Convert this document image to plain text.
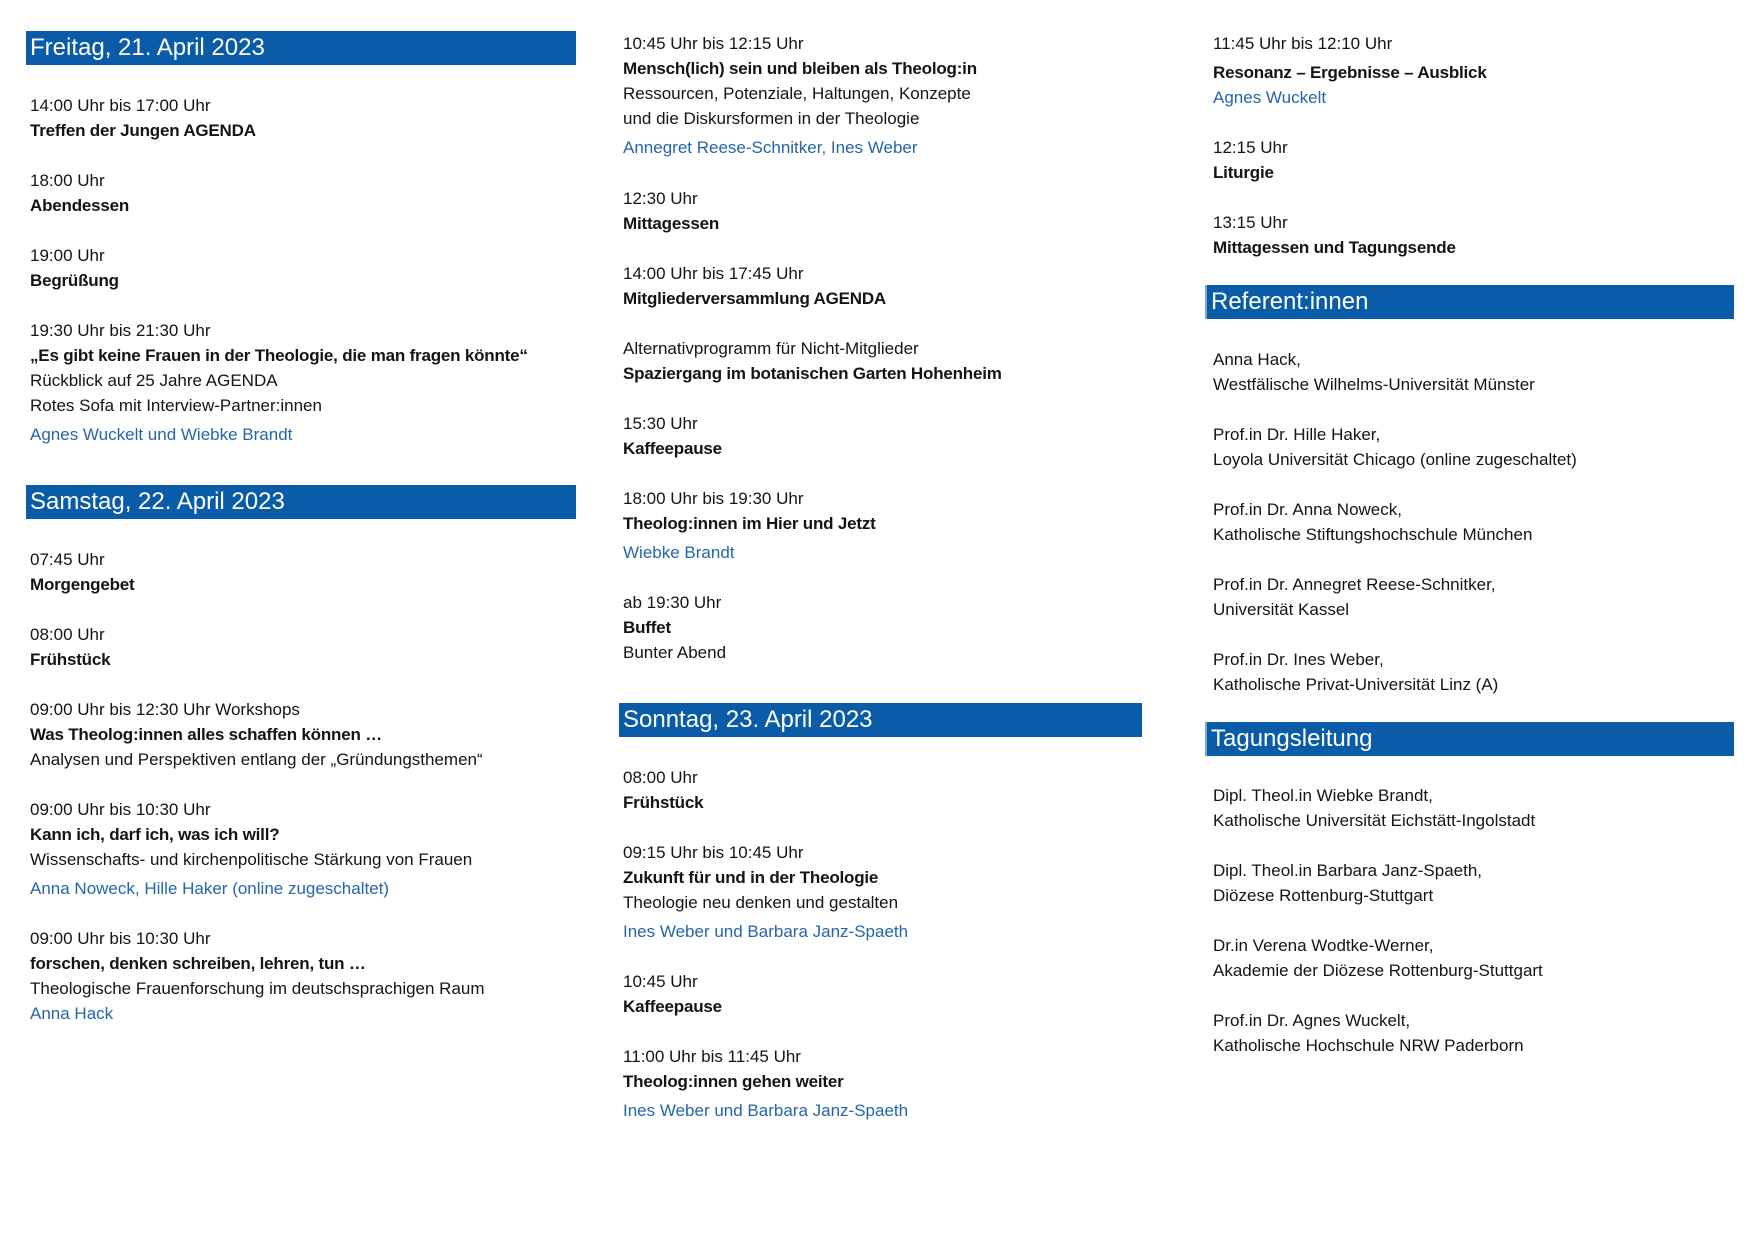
Freitag, 21. April 2023
14:00 Uhr bis 17:00 Uhr
Treffen der Jungen AGENDA
18:00 Uhr
Abendessen
19:00 Uhr
Begrüßung
19:30 Uhr bis 21:30 Uhr
„Es gibt keine Frauen in der Theologie, die man fragen könnte“
Rückblick auf 25 Jahre AGENDA
Rotes Sofa mit Interview-Partner:innen
Agnes Wuckelt und Wiebke Brandt
Samstag, 22. April 2023
07:45 Uhr
Morgengebet
08:00 Uhr
Frühstück
09:00 Uhr bis 12:30 Uhr Workshops
Was Theolog:innen alles schaffen können …
Analysen und Perspektiven entlang der „Gründungsthemen“
09:00 Uhr bis 10:30 Uhr
Kann ich, darf ich, was ich will?
Wissenschafts- und kirchenpolitische Stärkung von Frauen
Anna Noweck, Hille Haker (online zugeschaltet)
09:00 Uhr bis 10:30 Uhr
forschen, denken schreiben, lehren, tun …
Theologische Frauenforschung im deutschsprachigen Raum
Anna Hack
10:45 Uhr bis 12:15 Uhr
Mensch(lich) sein und bleiben als Theolog:in
Ressourcen, Potenziale, Haltungen, Konzepte
und die Diskursformen in der Theologie
Annegret Reese-Schnitker, Ines Weber
12:30 Uhr
Mittagessen
14:00 Uhr bis 17:45 Uhr
Mitgliederversammlung AGENDA
Alternativprogramm für Nicht-Mitglieder
Spaziergang im botanischen Garten Hohenheim
15:30 Uhr
Kaffeepause
18:00 Uhr bis 19:30 Uhr
Theolog:innen im Hier und Jetzt
Wiebke Brandt
ab 19:30 Uhr
Buffet
Bunter Abend
Sonntag, 23. April 2023
08:00 Uhr
Frühstück
09:15 Uhr bis 10:45 Uhr
Zukunft für und in der Theologie
Theologie neu denken und gestalten
Ines Weber und Barbara Janz-Spaeth
10:45 Uhr
Kaffeepause
11:00 Uhr bis 11:45 Uhr
Theolog:innen gehen weiter
Ines Weber und Barbara Janz-Spaeth
11:45 Uhr bis 12:10 Uhr
Resonanz – Ergebnisse – Ausblick
Agnes Wuckelt
12:15 Uhr
Liturgie
13:15 Uhr
Mittagessen und Tagungsende
Referent:innen
Anna Hack,
Westfälische Wilhelms-Universität Münster
Prof.in Dr. Hille Haker,
Loyola Universität Chicago (online zugeschaltet)
Prof.in Dr. Anna Noweck,
Katholische Stiftungshochschule München
Prof.in Dr. Annegret Reese-Schnitker,
Universität Kassel
Prof.in Dr. Ines Weber,
Katholische Privat-Universität Linz (A)
Tagungsleitung
Dipl. Theol.in Wiebke Brandt,
Katholische Universität Eichstätt-Ingolstadt
Dipl. Theol.in Barbara Janz-Spaeth,
Diözese Rottenburg-Stuttgart
Dr.in Verena Wodtke-Werner,
Akademie der Diözese Rottenburg-Stuttgart
Prof.in Dr. Agnes Wuckelt,
Katholische Hochschule NRW Paderborn
